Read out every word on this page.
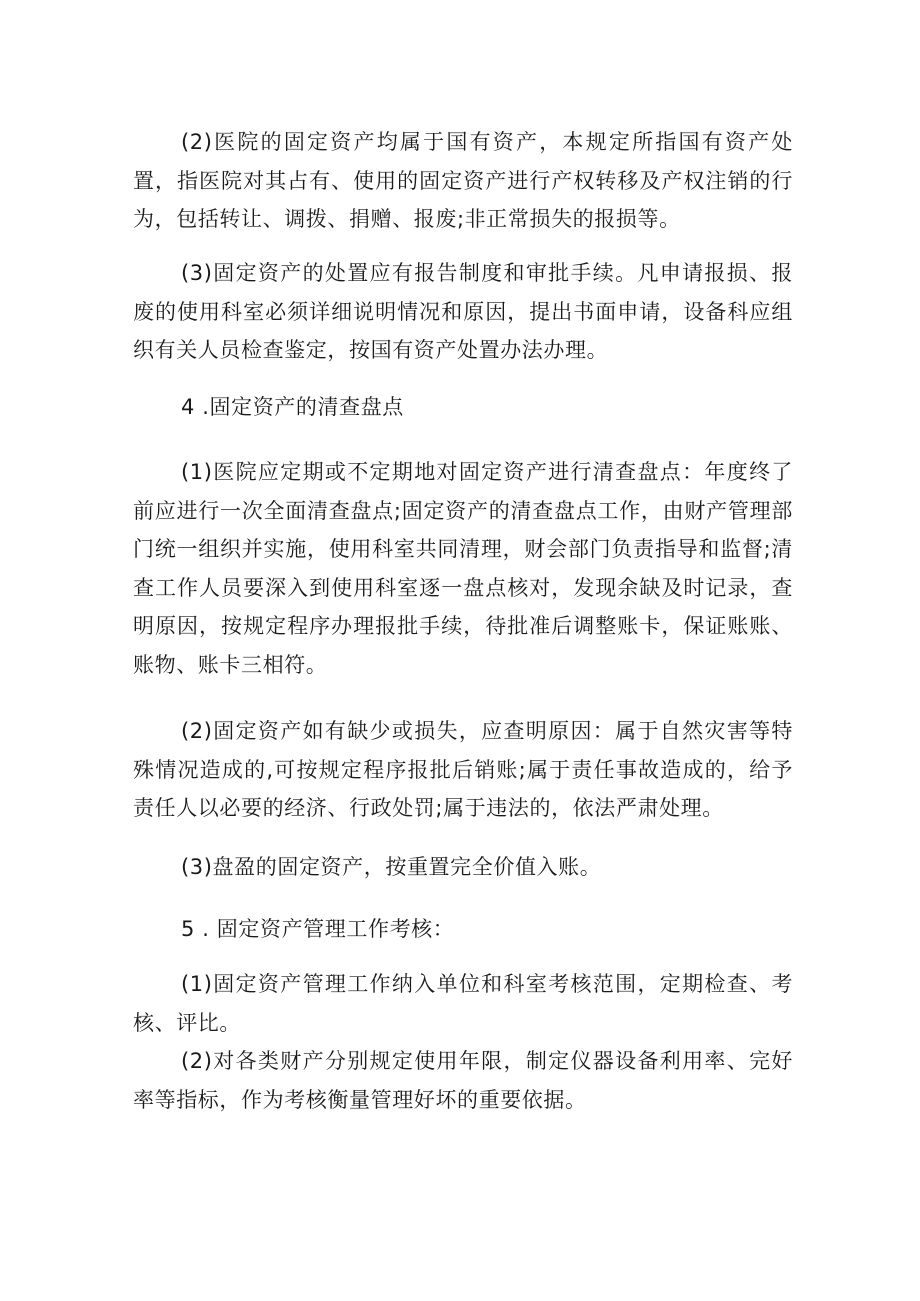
(2)医院的固定资产均属于国有资产，本规定所指国有资产处置，指医院对其占有、使用的固定资产进行产权转移及产权注销的行为，包括转让、调拨、捐赠、报废;非正常损失的报损等。

(3)固定资产的处置应有报告制度和审批手续。凡申请报损、报废的使用科室必须详细说明情况和原因，提出书面申请，设备科应组织有关人员检查鉴定，按国有资产处置办法办理。

4 .固定资产的清查盘点

(1)医院应定期或不定期地对固定资产进行清查盘点：年度终了前应进行一次全面清查盘点;固定资产的清查盘点工作，由财产管理部门统一组织并实施，使用科室共同清理，财会部门负责指导和监督;清查工作人员要深入到使用科室逐一盘点核对，发现余缺及时记录，查明原因，按规定程序办理报批手续，待批准后调整账卡，保证账账、账物、账卡三相符。

(2)固定资产如有缺少或损失，应查明原因：属于自然灾害等特殊情况造成的,可按规定程序报批后销账;属于责任事故造成的，给予责任人以必要的经济、行政处罚;属于违法的，依法严肃处理。

(3)盘盈的固定资产，按重置完全价值入账。

5 . 固定资产管理工作考核：

(1)固定资产管理工作纳入单位和科室考核范围，定期检查、考核、评比。

(2)对各类财产分别规定使用年限，制定仪器设备利用率、完好率等指标，作为考核衡量管理好坏的重要依据。
